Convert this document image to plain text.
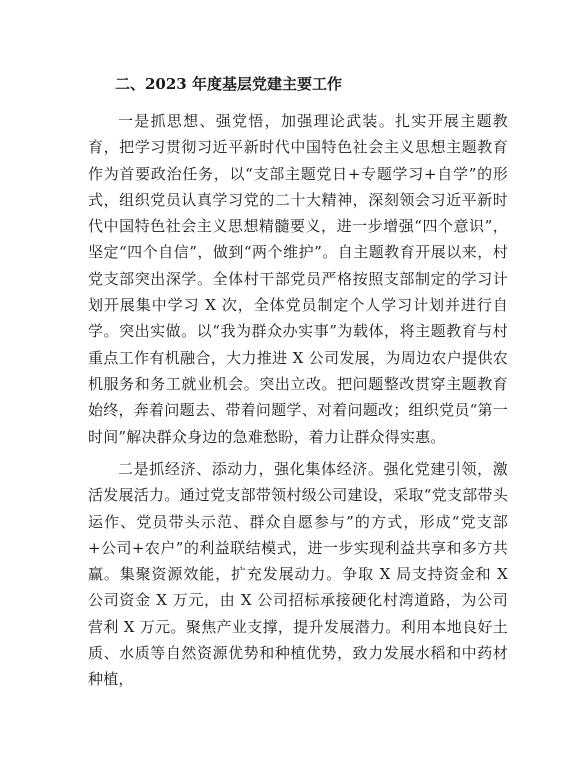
二、2023 年度基层党建主要工作

一是抓思想、强党悟，加强理论武装。扎实开展主题教育，把学习贯彻习近平新时代中国特色社会主义思想主题教育作为首要政治任务，以“支部主题党日+专题学习+自学”的形式，组织党员认真学习党的二十大精神，深刻领会习近平新时代中国特色社会主义思想精髓要义，进一步增强“四个意识”，坚定“四个自信”，做到“两个维护”。自主题教育开展以来，村党支部突出深学。全体村干部党员严格按照支部制定的学习计划开展集中学习 X 次，全体党员制定个人学习计划并进行自学。突出实做。以“我为群众办实事”为载体，将主题教育与村重点工作有机融合，大力推进 X 公司发展，为周边农户提供农机服务和务工就业机会。突出立改。把问题整改贯穿主题教育始终，奔着问题去、带着问题学、对着问题改；组织党员“第一时间”解决群众身边的急难愁盼，着力让群众得实惠。

二是抓经济、添动力，强化集体经济。强化党建引领，激活发展活力。通过党支部带领村级公司建设，采取“党支部带头运作、党员带头示范、群众自愿参与”的方式，形成“党支部+公司+农户”的利益联结模式，进一步实现利益共享和多方共赢。集聚资源效能，扩充发展动力。争取 X 局支持资金和 X 公司资金 X 万元，由 X 公司招标承接硬化村湾道路，为公司营利 X 万元。聚焦产业支撑，提升发展潜力。利用本地良好土质、水质等自然资源优势和种植优势，致力发展水稻和中药材种植，
